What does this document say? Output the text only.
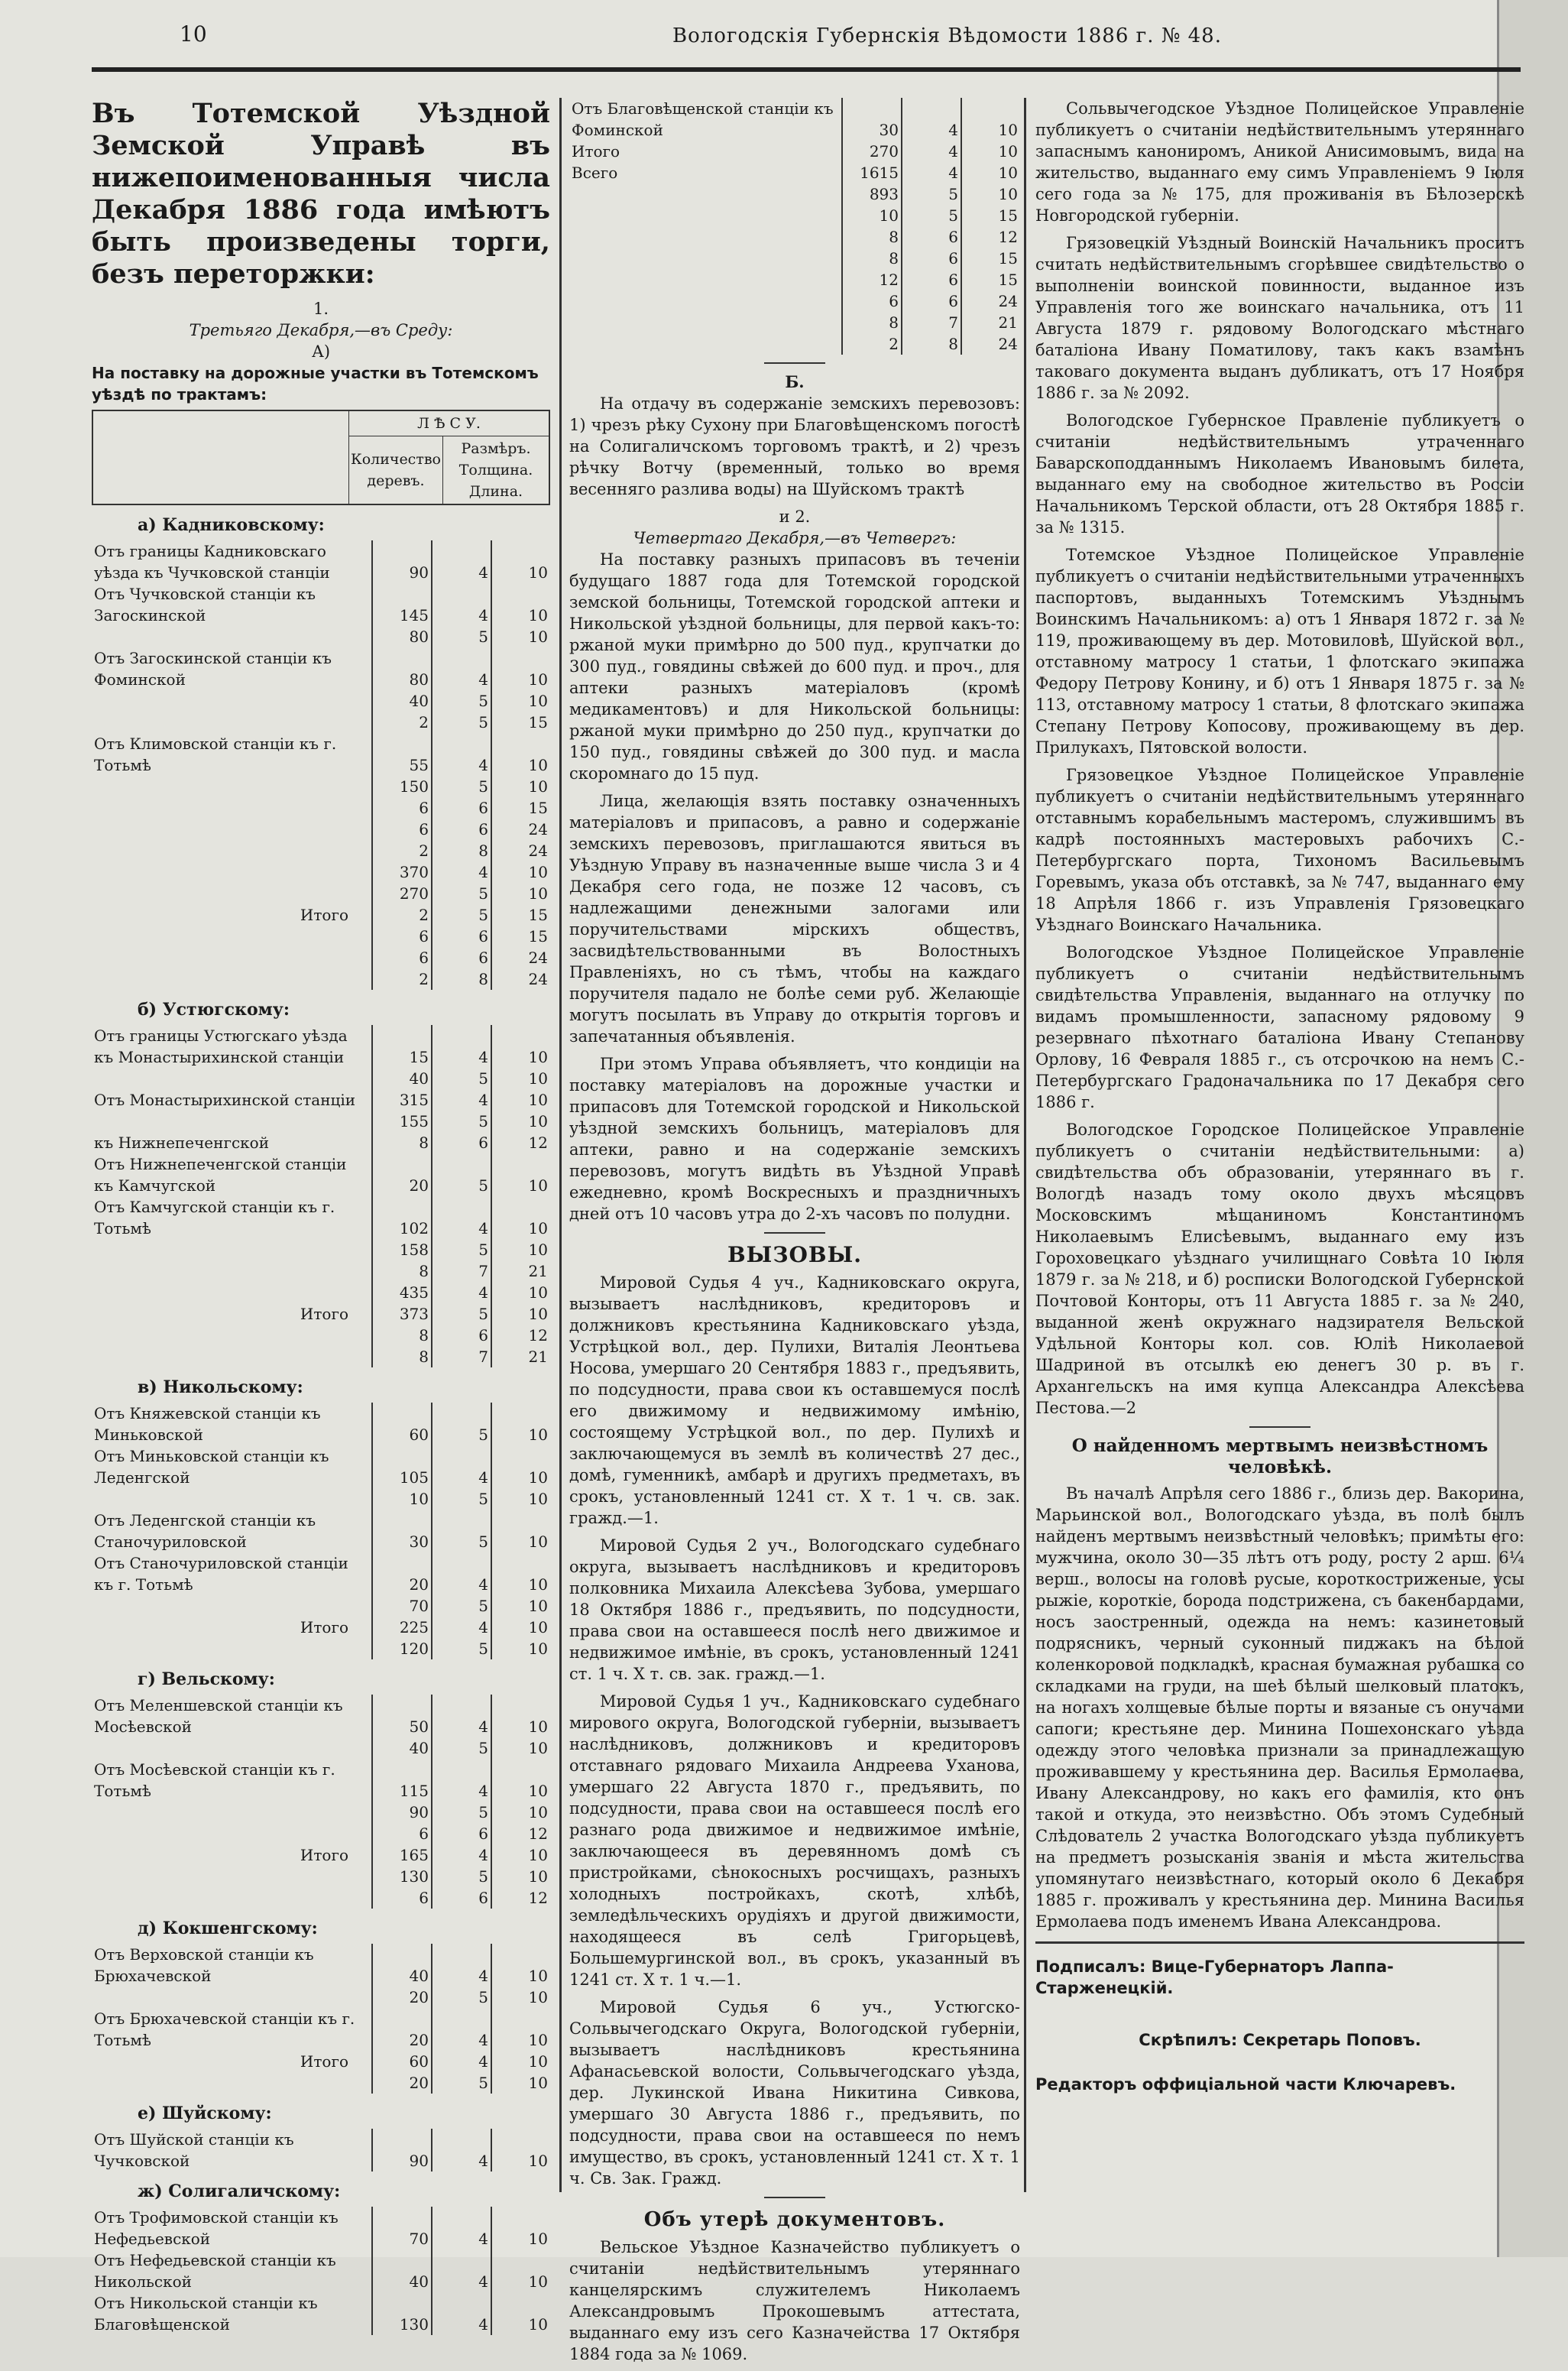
10	Вологодскія Губернскія Вѣдомости 1886 г. № 48.
Въ Тотемской Уѣздной Земской Управѣ въ нижепоименованныя числа Декабря 1886 года имѣютъ быть произведены торги, безъ переторжки:
1.
Третьяго Декабря,—въ Среду:
А)
На поставку на дорожные участки въ Тотемскомъ уѣздѣ по трактамъ:
	Л Ѣ С У.	
	Количество деревъ.	Размѣръ.
Толщина. Длина.
а) Кадниковскому:
Отъ границы Кадниковскаго уѣзда къ Чучковской станціи	90	4	10
Отъ Чучковской станціи къ Загоскинской	145	4	10
	80	5	10
Отъ Загоскинской станціи къ Фоминской	80	4	10
	40	5	10
	2	5	15
Отъ Климовской станціи къ г. Тотьмѣ	55	4	10
	150	5	10
	6	6	15
	6	6	24
	2	8	24
	370	4	10
	270	5	10
Итого	2	5	15
	6	6	15
	6	6	24
	2	8	24
б) Устюгскому:
Отъ границы Устюгскаго уѣзда къ Монастырихинской станціи	15	4	10
	40	5	10
Отъ Монастырихинской станціи	315	4	10
	155	5	10
къ Нижнепеченгской	8	6	12
Отъ Нижнепеченгской станціи къ Камчугской	20	5	10
Отъ Камчугской станціи къ г. Тотьмѣ	102	4	10
	158	5	10
	8	7	21
	435	4	10
Итого	373	5	10
	8	6	12
	8	7	21
в) Никольскому:
Отъ Княжевской станціи къ Миньковской	60	5	10
Отъ Миньковской станціи къ Леденгской	105	4	10
	10	5	10
Отъ Леденгской станціи къ Станочуриловской	30	5	10
Отъ Станочуриловской станціи къ г. Тотьмѣ	20	4	10
	70	5	10
Итого	225	4	10
	120	5	10
г) Вельскому:
Отъ Меленшевской станціи къ Мосѣевской	50	4	10
	40	5	10
Отъ Мосѣевской станціи къ г. Тотьмѣ	115	4	10
	90	5	10
	6	6	12
Итого	165	4	10
	130	5	10
	6	6	12
д) Кокшенгскому:
Отъ Верховской станціи къ Брюхачевской	40	4	10
	20	5	10
Отъ Брюхачевской станціи къ г. Тотьмѣ	20	4	10
Итого	60	4	10
	20	5	10
е) Шуйскому:
Отъ Шуйской станціи къ Чучковской	90	4	10
ж) Солигаличскому:
Отъ Трофимовской станціи къ Нефедьевской	70	4	10
Отъ Нефедьевской станціи къ Никольской	40	4	10
Отъ Никольской станціи къ Благовѣщенской	130	4	10
Отъ Благовѣщенской станціи къ Фоминской	30	4	10
Итого	270	4	10
Всего	1615	4	10
	893	5	10
	10	5	15
	8	6	12
	8	6	15
	12	6	15
	6	6	24
	8	7	21
	2	8	24
Б.

На отдачу въ содержаніе земскихъ перевозовъ: 1) чрезъ рѣку Сухону при Благовѣщенскомъ погостѣ на Солигаличскомъ торговомъ трактѣ, и 2) чрезъ рѣчку Вотчу (временный, только во время весенняго разлива воды) на Шуйскомъ трактѣ

и 2.
Четвертаго Декабря,—въ Четвергъ:

На поставку разныхъ припасовъ въ теченіи будущаго 1887 года для Тотемской городской земской больницы, Тотемской городской аптеки и Никольской уѣздной больницы, для первой какъ-то: ржаной муки примѣрно до 500 пуд., крупчатки до 300 пуд., говядины свѣжей до 600 пуд. и проч., для аптеки разныхъ матеріаловъ (кромѣ медикаментовъ) и для Никольской больницы: ржаной муки примѣрно до 250 пуд., крупчатки до 150 пуд., говядины свѣжей до 300 пуд. и масла скоромнаго до 15 пуд.

Лица, желающія взять поставку означенныхъ матеріаловъ и припасовъ, а равно и содержаніе земскихъ перевозовъ, приглашаются явиться въ Уѣздную Управу въ назначенные выше числа 3 и 4 Декабря сего года, не позже 12 часовъ, съ надлежащими денежными залогами или поручительствами мірскихъ обществъ, засвидѣтельствованными въ Волостныхъ Правленіяхъ, но съ тѣмъ, чтобы на каждаго поручителя падало не болѣе семи руб. Желающіе могутъ посылать въ Управу до открытія торговъ и запечатанныя объявленія.

При этомъ Управа объявляетъ, что кондиціи на поставку матеріаловъ на дорожные участки и припасовъ для Тотемской городской и Никольской уѣздной земскихъ больницъ, матеріаловъ для аптеки, равно и на содержаніе земскихъ перевозовъ, могутъ видѣть въ Уѣздной Управѣ ежедневно, кромѣ Воскресныхъ и праздничныхъ дней отъ 10 часовъ утра до 2-хъ часовъ по полудни.

ВЫЗОВЫ.

Мировой Судья 4 уч., Кадниковскаго округа, вызываетъ наслѣдниковъ, кредиторовъ и должниковъ крестьянина Кадниковскаго уѣзда, Устрѣцкой вол., дер. Пулихи, Виталія Леонтьева Носова, умершаго 20 Сентября 1883 г., предъявить, по подсудности, права свои къ оставшемуся послѣ его движимому и недвижимому имѣнію, состоящему Устрѣцкой вол., по дер. Пулихѣ и заключающемуся въ землѣ въ количествѣ 27 дес., домѣ, гуменникѣ, амбарѣ и другихъ предметахъ, въ срокъ, установленный 1241 ст. X т. 1 ч. св. зак. гражд.—1.

Мировой Судья 2 уч., Вологодскаго судебнаго округа, вызываетъ наслѣдниковъ и кредиторовъ полковника Михаила Алексѣева Зубова, умершаго 18 Октября 1886 г., предъявить, по подсудности, права свои на оставшееся послѣ него движимое и недвижимое имѣніе, въ срокъ, установленный 1241 ст. 1 ч. X т. св. зак. гражд.—1.

Мировой Судья 1 уч., Кадниковскаго судебнаго мирового округа, Вологодской губерніи, вызываетъ наслѣдниковъ, должниковъ и кредиторовъ отставнаго рядоваго Михаила Андреева Уханова, умершаго 22 Августа 1870 г., предъявить, по подсудности, права свои на оставшееся послѣ его разнаго рода движимое и недвижимое имѣніе, заключающееся въ деревянномъ домѣ съ пристройками, сѣнокосныхъ росчищахъ, разныхъ холодныхъ постройкахъ, скотѣ, хлѣбѣ, земледѣльческихъ орудіяхъ и другой движимости, находящееся въ селѣ Григорьцевѣ, Большемургинской вол., въ срокъ, указанный въ 1241 ст. X т. 1 ч.—1.

Мировой Судья 6 уч., Устюгско-Сольвычегодскаго Округа, Вологодской губерніи, вызываетъ наслѣдниковъ крестьянина Афанасьевской волости, Сольвычегодскаго уѣзда, дер. Лукинской Ивана Никитина Сивкова, умершаго 30 Августа 1886 г., предъявить, по подсудности, права свои на оставшееся по немъ имущество, въ срокъ, установленный 1241 ст. X т. 1 ч. Св. Зак. Гражд.

Объ утерѣ документовъ.

Вельское Уѣздное Казначейство публикуетъ о считаніи недѣйствительнымъ утеряннаго канцелярскимъ служителемъ Николаемъ Александровымъ Прокошевымъ аттестата, выданнаго ему изъ сего Казначейства 17 Октября 1884 года за № 1069.

Сольвычегодское Уѣздное Полицейское Управленіе публикуетъ о считаніи недѣйствительнымъ утеряннаго запаснымъ канониромъ, Аникой Анисимовымъ, вида на жительство, выданнаго ему симъ Управленіемъ 9 Іюля сего года за № 175, для проживанія въ Бѣлозерскѣ Новгородской губерніи.

Грязовецкій Уѣздный Воинскій Начальникъ проситъ считать недѣйствительнымъ сгорѣвшее свидѣтельство о выполненіи воинской повинности, выданное изъ Управленія того же воинскаго начальника, отъ 11 Августа 1879 г. рядовому Вологодскаго мѣстнаго баталіона Ивану Поматилову, такъ какъ взамѣнъ таковаго документа выданъ дубликатъ, отъ 17 Ноября 1886 г. за № 2092.

Вологодское Губернское Правленіе публикуетъ о считаніи недѣйствительнымъ утраченнаго Баварскоподданнымъ Николаемъ Ивановымъ билета, выданнаго ему на свободное жительство въ Россіи Начальникомъ Терской области, отъ 28 Октября 1885 г. за № 1315.

Тотемское Уѣздное Полицейское Управленіе публикуетъ о считаніи недѣйствительными утраченныхъ паспортовъ, выданныхъ Тотемскимъ Уѣзднымъ Воинскимъ Начальникомъ: а) отъ 1 Января 1872 г. за № 119, проживающему въ дер. Мотовиловѣ, Шуйской вол., отставному матросу 1 статьи, 1 флотскаго экипажа Федору Петрову Конину, и б) отъ 1 Января 1875 г. за № 113, отставному матросу 1 статьи, 8 флотскаго экипажа Степану Петрову Копосову, проживающему въ дер. Прилукахъ, Пятовской волости.

Грязовецкое Уѣздное Полицейское Управленіе публикуетъ о считаніи недѣйствительнымъ утеряннаго отставнымъ корабельнымъ мастеромъ, служившимъ въ кадрѣ постоянныхъ мастеровыхъ рабочихъ С.-Петербургскаго порта, Тихономъ Васильевымъ Горевымъ, указа объ отставкѣ, за № 747, выданнаго ему 18 Апрѣля 1866 г. изъ Управленія Грязовецкаго Уѣзднаго Воинскаго Начальника.

Вологодское Уѣздное Полицейское Управленіе публикуетъ о считаніи недѣйствительнымъ свидѣтельства Управленія, выданнаго на отлучку по видамъ промышленности, запасному рядовому 9 резервнаго пѣхотнаго баталіона Ивану Степанову Орлову, 16 Февраля 1885 г., съ отсрочкою на немъ С.-Петербургскаго Градоначальника по 17 Декабря сего 1886 г.

Вологодское Городское Полицейское Управленіе публикуетъ о считаніи недѣйствительными: а) свидѣтельства объ образованіи, утеряннаго въ г. Вологдѣ назадъ тому около двухъ мѣсяцовъ Московскимъ мѣщаниномъ Константиномъ Николаевымъ Елисѣевымъ, выданнаго ему изъ Гороховецкаго уѣзднаго училищнаго Совѣта 10 Іюля 1879 г. за № 218, и б) росписки Вологодской Губернской Почтовой Конторы, отъ 11 Августа 1885 г. за № 240, выданной женѣ окружнаго надзирателя Вельской Удѣльной Конторы кол. сов. Юліѣ Николаевой Шадриной въ отсылкѣ ею денегъ 30 р. въ г. Архангельскъ на имя купца Александра Алексѣева Пестова.—2

О найденномъ мертвымъ неизвѣстномъ человѣкѣ.

Въ началѣ Апрѣля сего 1886 г., близь дер. Вакорина, Марьинской вол., Вологодскаго уѣзда, въ полѣ былъ найденъ мертвымъ неизвѣстный человѣкъ; примѣты его: мужчина, около 30—35 лѣтъ отъ роду, росту 2 арш. 6¼ верш., волосы на головѣ русые, короткостриженые, усы рыжіе, короткіе, борода подстрижена, съ бакенбардами, носъ заостренный, одежда на немъ: казинетовый подрясникъ, черный суконный пиджакъ на бѣлой коленкоровой подкладкѣ, красная бумажная рубашка со складками на груди, на шеѣ бѣлый шелковый платокъ, на ногахъ холщевые бѣлые порты и вязаные съ онучами сапоги; крестьяне дер. Минина Пошехонскаго уѣзда одежду этого человѣка признали за принадлежащую проживавшему у крестьянина дер. Василья Ермолаева, Ивану Александрову, но какъ его фамилія, кто онъ такой и откуда, это неизвѣстно. Объ этомъ Судебный Слѣдователь 2 участка Вологодскаго уѣзда публикуетъ на предметъ розысканія званія и мѣста жительства упомянутаго неизвѣстнаго, который около 6 Декабря 1885 г. проживалъ у крестьянина дер. Минина Василья Ермолаева подъ именемъ Ивана Александрова.

Подписалъ: Вице-Губернаторъ Лаппа-Старженецкій.
Скрѣпилъ: Секретарь Поповъ.
Редакторъ оффиціальной части Ключаревъ.
